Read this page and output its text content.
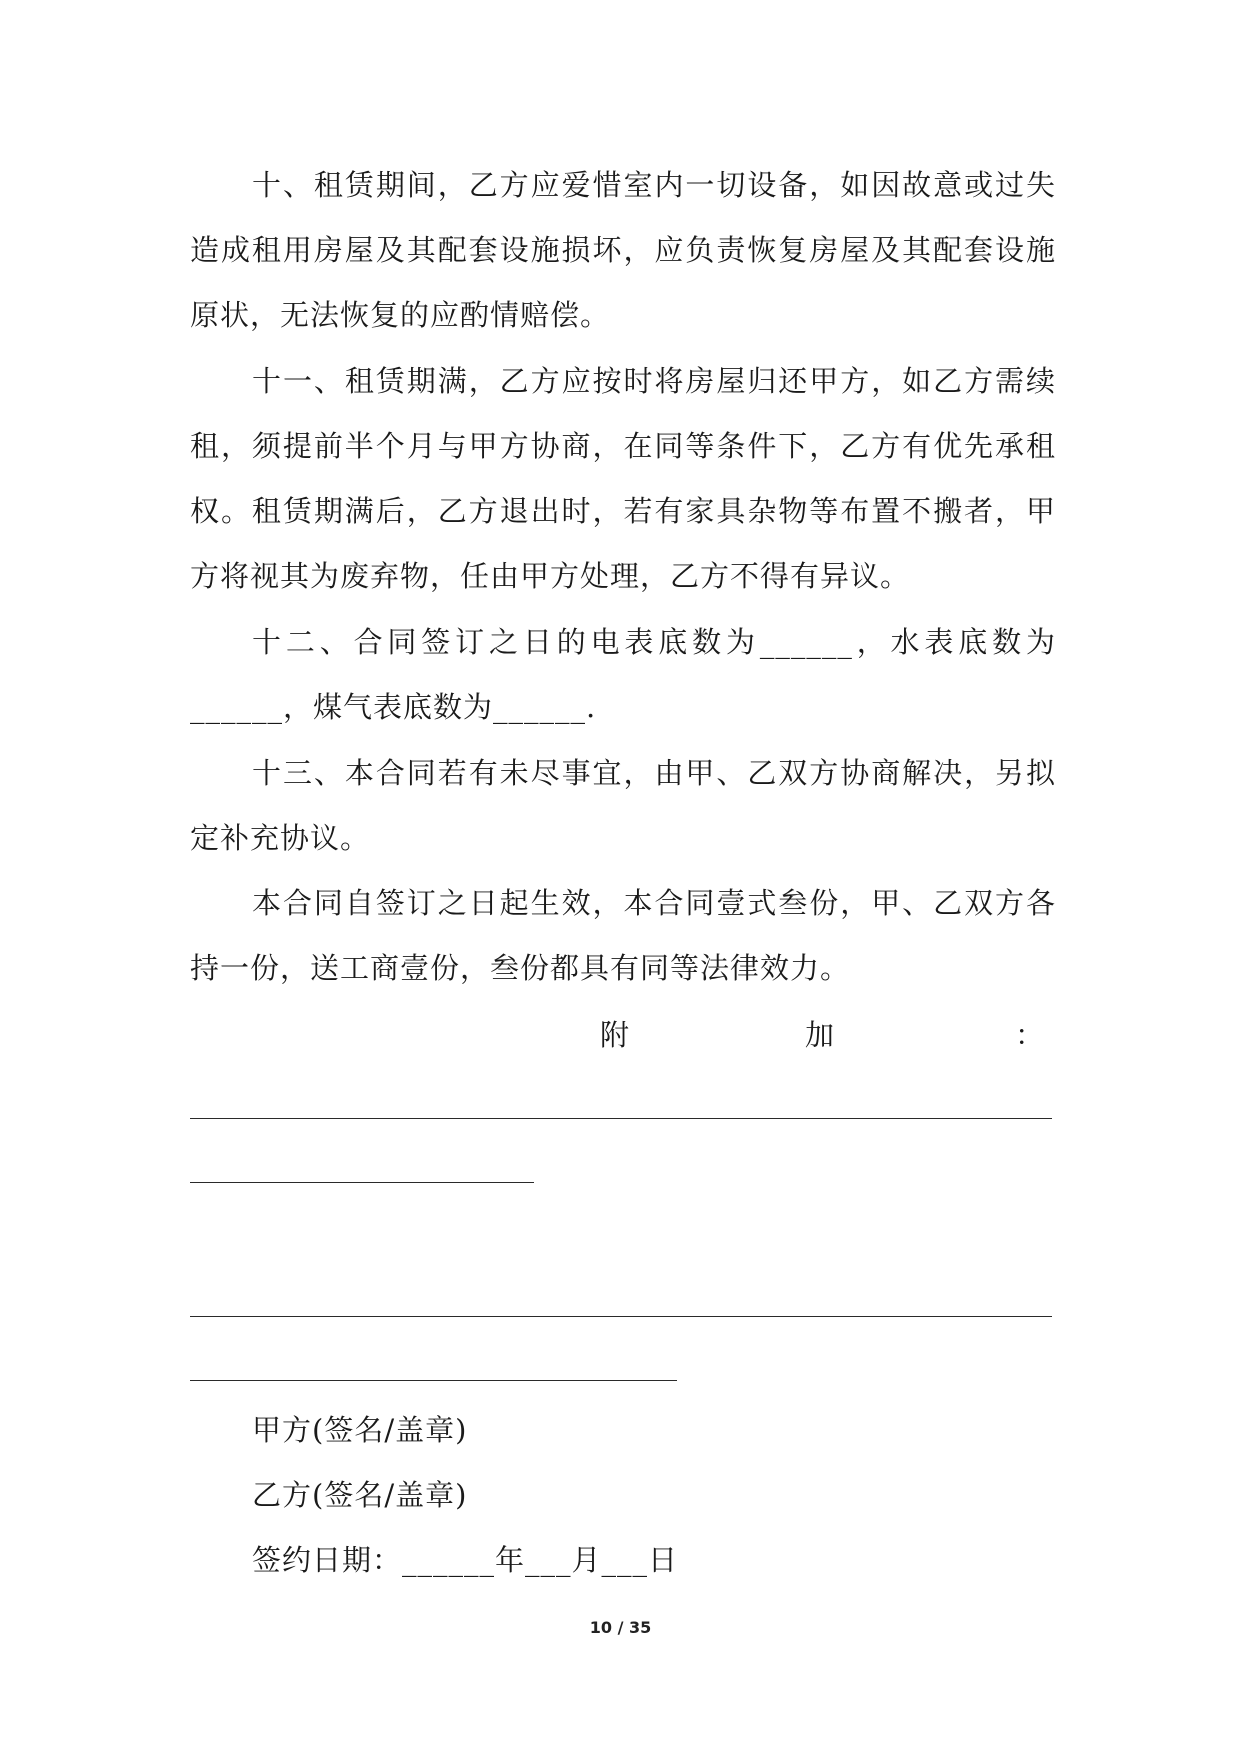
十、租赁期间，乙方应爱惜室内一切设备，如因故意或过失造成租用房屋及其配套设施损坏，应负责恢复房屋及其配套设施原状，无法恢复的应酌情赔偿。

十一、租赁期满，乙方应按时将房屋归还甲方，如乙方需续租，须提前半个月与甲方协商，在同等条件下，乙方有优先承租权。租赁期满后，乙方退出时，若有家具杂物等布置不搬者，甲方将视其为废弃物，任由甲方处理，乙方不得有异议。

十二、合同签订之日的电表底数为______，水表底数为______，煤气表底数为______.

十三、本合同若有未尽事宜，由甲、乙双方协商解决，另拟定补充协议。

本合同自签订之日起生效，本合同壹式叁份，甲、乙双方各持一份，送工商壹份，叁份都具有同等法律效力。

附	加	：

甲方(签名/盖章)

乙方(签名/盖章)

签约日期：______年___月___日

10 / 35
